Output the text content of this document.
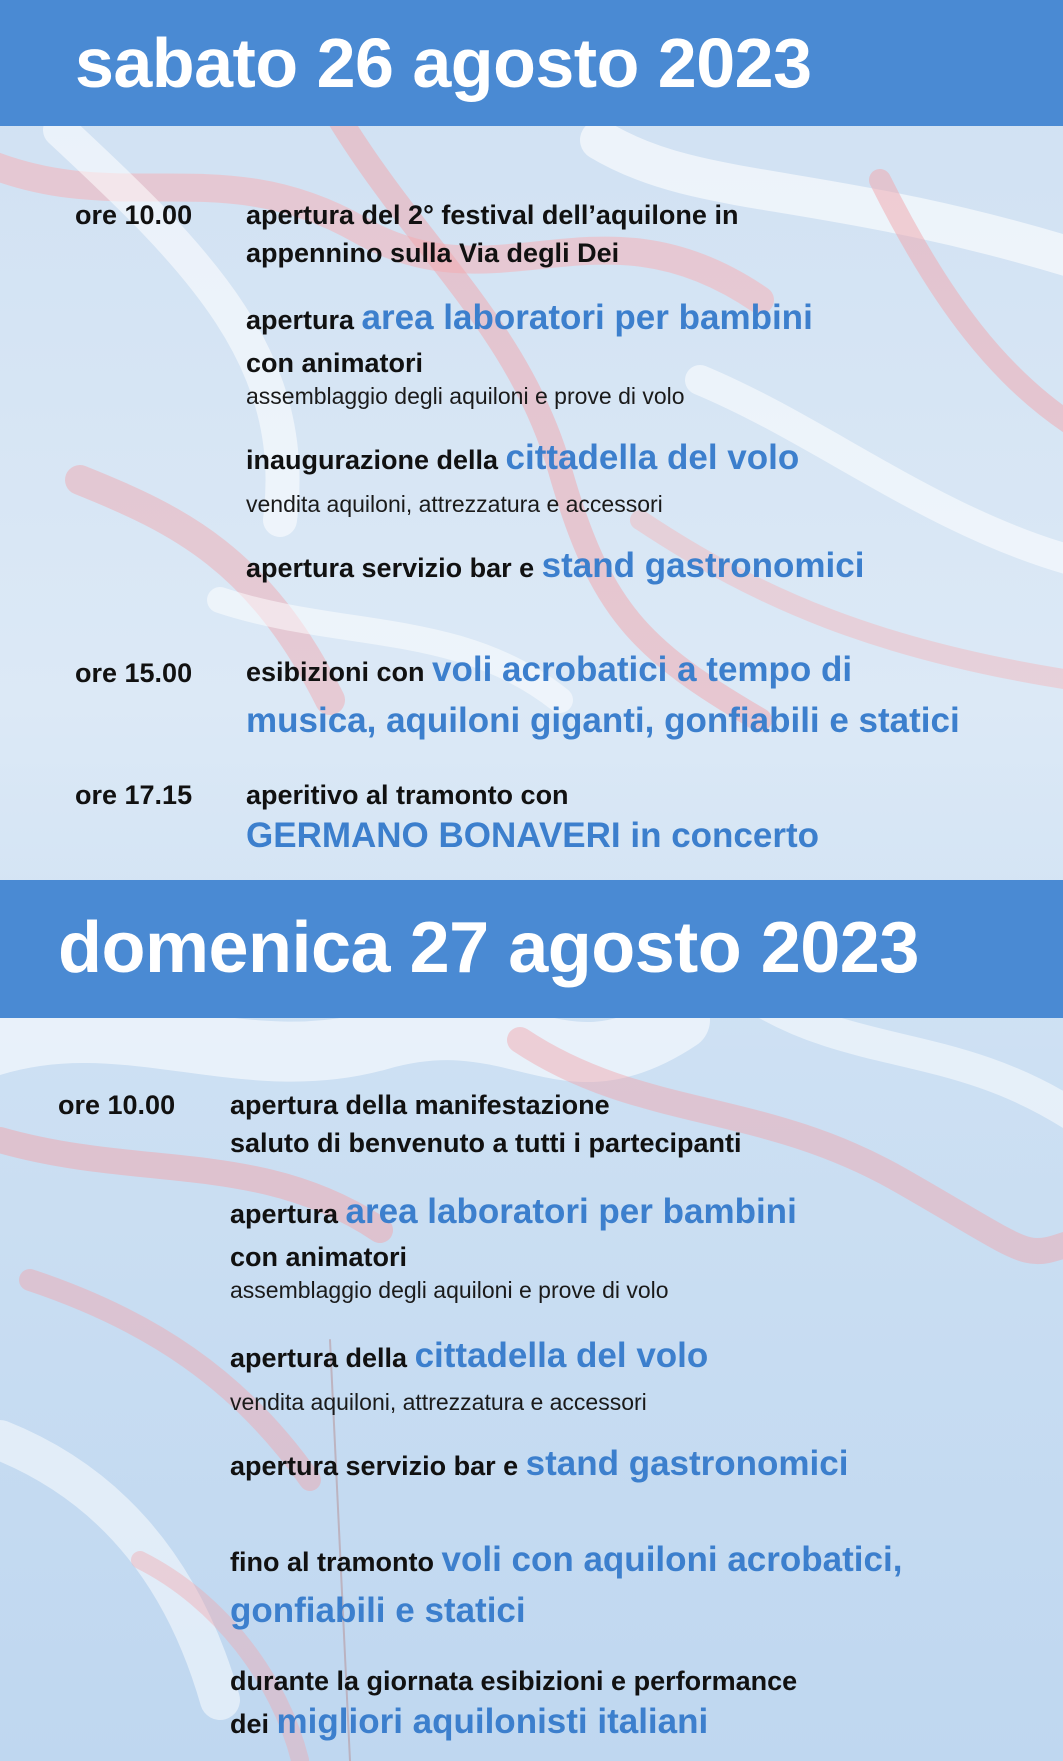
sabato 26 agosto 2023
ore 10.00 apertura del 2° festival dell’aquilone in
appennino sulla Via degli Dei
apertura area laboratori per bambini
con animatori
assemblaggio degli aquiloni e prove di volo
inaugurazione della cittadella del volo
vendita aquiloni, attrezzatura e accessori
apertura servizio bar e stand gastronomici
ore 15.00 esibizioni con voli acrobatici a tempo di
musica, aquiloni giganti, gonfiabili e statici
ore 17.15 aperitivo al tramonto con
GERMANO BONAVERI in concerto
domenica 27 agosto 2023
ore 10.00 apertura della manifestazione
saluto di benvenuto a tutti i partecipanti
apertura area laboratori per bambini
con animatori
assemblaggio degli aquiloni e prove di volo
apertura della cittadella del volo
vendita aquiloni, attrezzatura e accessori
apertura servizio bar e stand gastronomici
fino al tramonto voli con aquiloni acrobatici,
gonfiabili e statici
durante la giornata esibizioni e performance
dei migliori aquilonisti italiani
